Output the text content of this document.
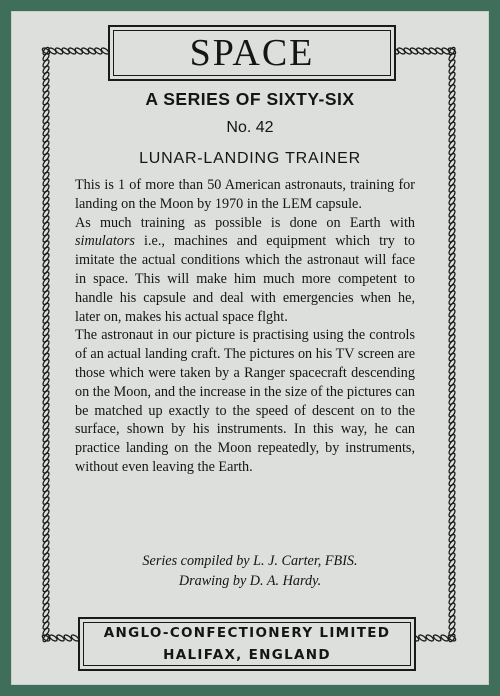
SPACE
A SERIES OF SIXTY-SIX
No. 42
LUNAR-LANDING TRAINER

This is 1 of more than 50 American astronauts, training for landing on the Moon by 1970 in the LEM capsule.

As much training as possible is done on Earth with simulators i.e., machines and equipment which try to imitate the actual conditions which the astronaut will face in space. This will make him much more competent to handle his capsule and deal with emergencies when he, later on, makes his actual space flght.

The astronaut in our picture is practising using the controls of an actual landing craft. The pictures on his TV screen are those which were taken by a Ranger spacecraft descending on the Moon, and the increase in the size of the pictures can be matched up exactly to the speed of descent on to the surface, shown by his instruments. In this way, he can practice landing on the Moon repeatedly, by instruments, without even leaving the Earth.

Series compiled by L. J. Carter, FBIS.
Drawing by D. A. Hardy.
ANGLO-CONFECTIONERY LIMITED
HALIFAX, ENGLAND
